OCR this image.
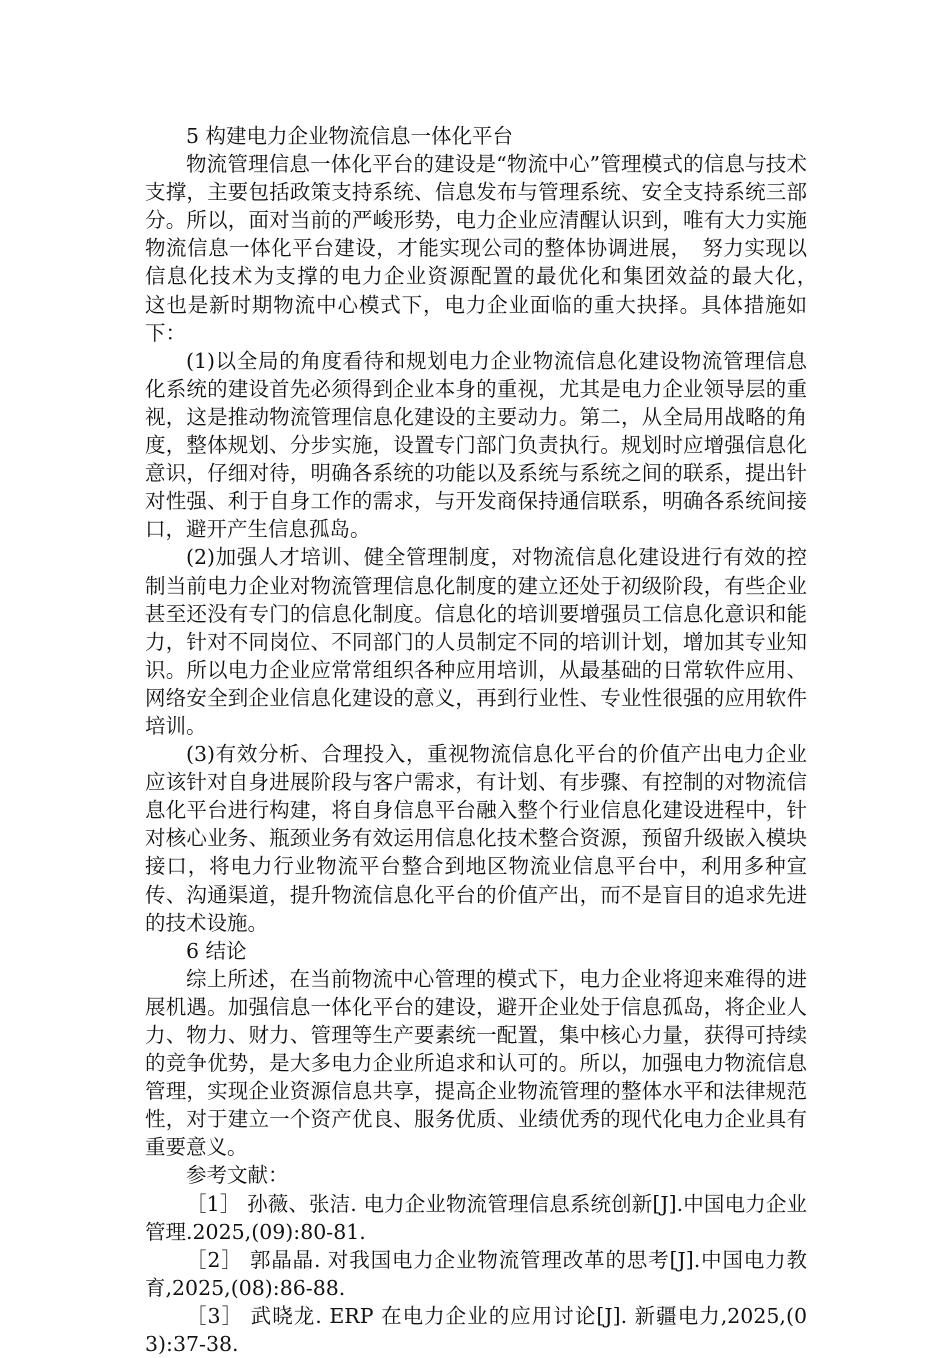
5 构建电力企业物流信息一体化平台

物流管理信息一体化平台的建设是“物流中心”管理模式的信息与技术支撑，主要包括政策支持系统、信息发布与管理系统、安全支持系统三部分。所以，面对当前的严峻形势，电力企业应清醒认识到，唯有大力实施物流信息一体化平台建设，才能实现公司的整体协调进展，　努力实现以信息化技术为支撑的电力企业资源配置的最优化和集团效益的最大化，　这也是新时期物流中心模式下，电力企业面临的重大抉择。具体措施如下：

(1)以全局的角度看待和规划电力企业物流信息化建设物流管理信息化系统的建设首先必须得到企业本身的重视，尤其是电力企业领导层的重视，这是推动物流管理信息化建设的主要动力。第二，从全局用战略的角度，整体规划、分步实施，设置专门部门负责执行。规划时应增强信息化意识，仔细对待，明确各系统的功能以及系统与系统之间的联系，提出针对性强、利于自身工作的需求，与开发商保持通信联系，明确各系统间接口，避开产生信息孤岛。

(2)加强人才培训、健全管理制度，对物流信息化建设进行有效的控制当前电力企业对物流管理信息化制度的建立还处于初级阶段，有些企业甚至还没有专门的信息化制度。信息化的培训要增强员工信息化意识和能力，针对不同岗位、不同部门的人员制定不同的培训计划，增加其专业知识。所以电力企业应常常组织各种应用培训，从最基础的日常软件应用、网络安全到企业信息化建设的意义，再到行业性、专业性很强的应用软件培训。

(3)有效分析、合理投入，重视物流信息化平台的价值产出电力企业应该针对自身进展阶段与客户需求，有计划、有步骤、有控制的对物流信息化平台进行构建，将自身信息平台融入整个行业信息化建设进程中，针对核心业务、瓶颈业务有效运用信息化技术整合资源，预留升级嵌入模块接口，将电力行业物流平台整合到地区物流业信息平台中，利用多种宣传、沟通渠道，提升物流信息化平台的价值产出，而不是盲目的追求先进的技术设施。

6 结论

综上所述，在当前物流中心管理的模式下，电力企业将迎来难得的进展机遇。加强信息一体化平台的建设，避开企业处于信息孤岛，将企业人力、物力、财力、管理等生产要素统一配置，集中核心力量，获得可持续的竞争优势，是大多电力企业所追求和认可的。所以，加强电力物流信息管理，实现企业资源信息共享，提高企业物流管理的整体水平和法律规范性，对于建立一个资产优良、服务优质、业绩优秀的现代化电力企业具有重要意义。

参考文献：

［1］ 孙薇、张洁. 电力企业物流管理信息系统创新[J].中国电力企业管理.2025,(09):80-81.

［2］ 郭晶晶. 对我国电力企业物流管理改革的思考[J].中国电力教育,2025,(08):86-88.

［3］ 武晓龙. ERP 在电力企业的应用讨论[J]. 新疆电力,2025,(03):37-38.
